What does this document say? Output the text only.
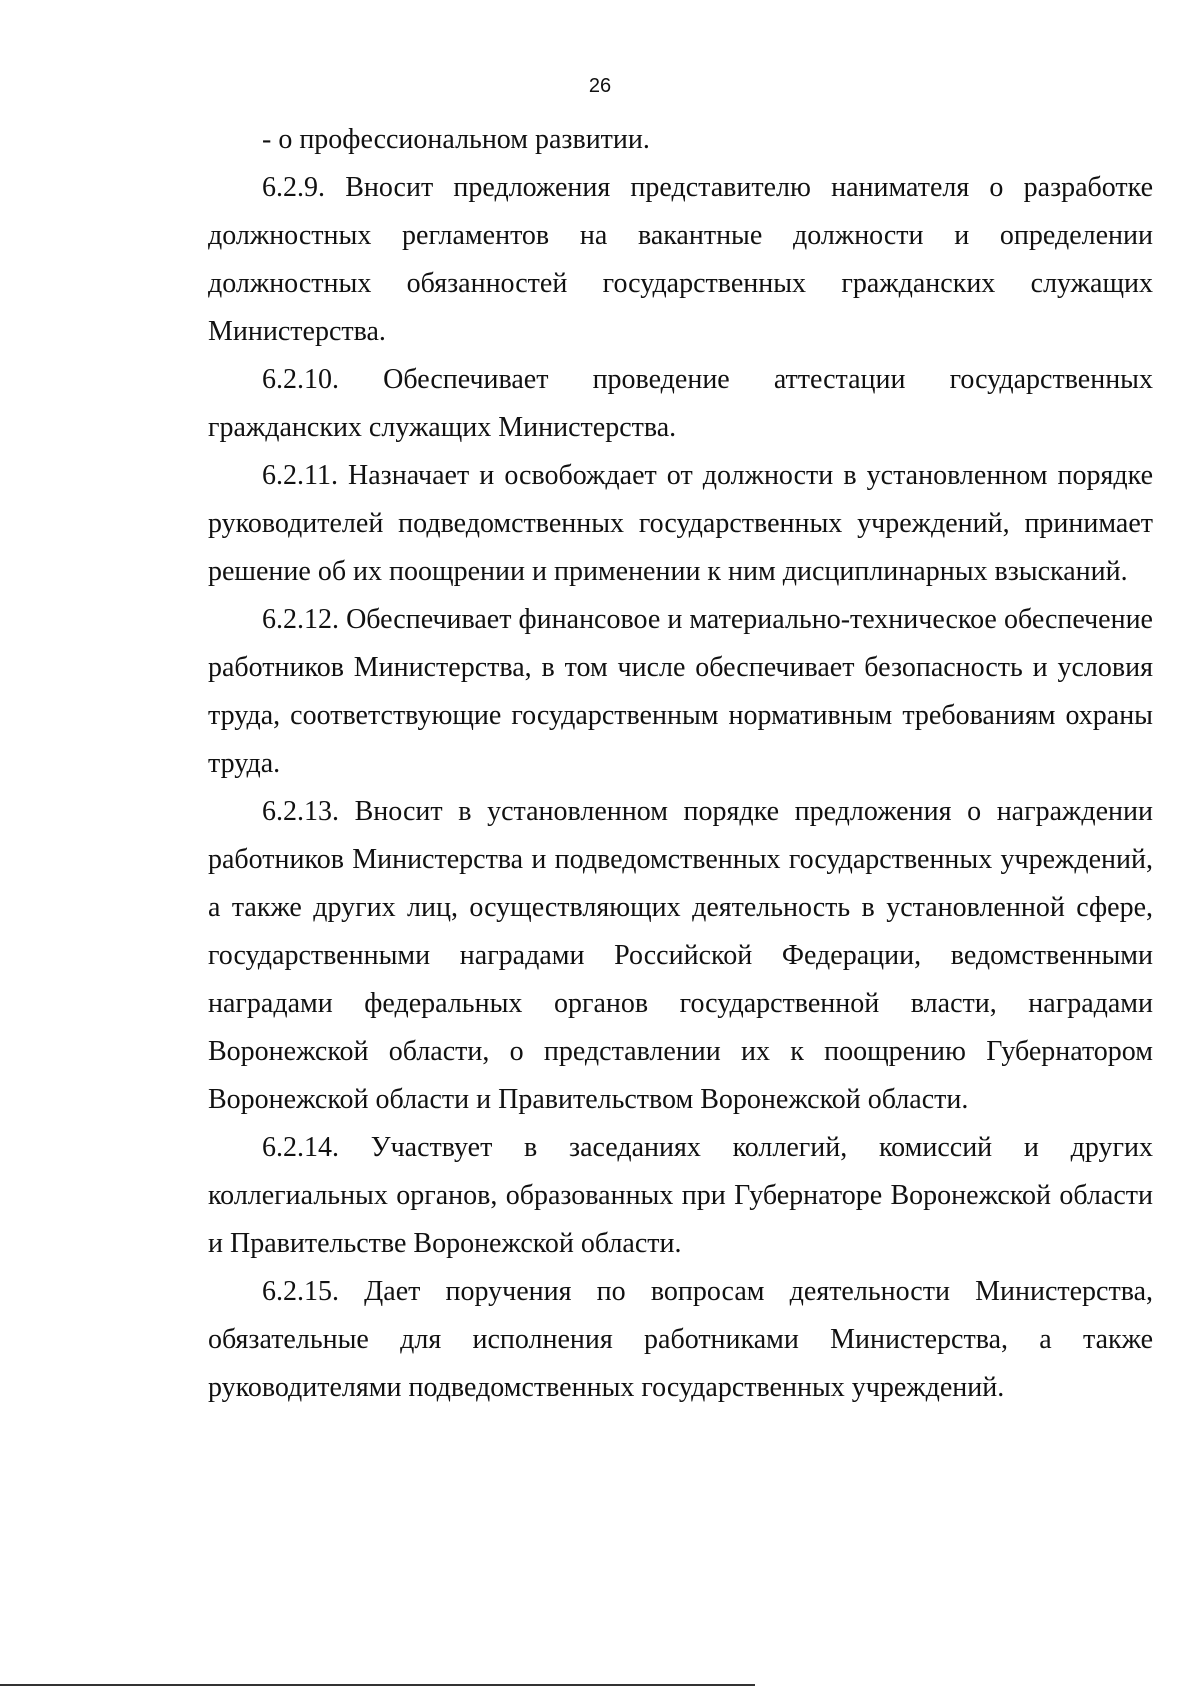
26

- о профессиональном развитии.

6.2.9. Вносит предложения представителю нанимателя о разработке должностных регламентов на вакантные должности и определении должностных обязанностей государственных гражданских служащих Министерства.

6.2.10. Обеспечивает проведение аттестации государственных гражданских служащих Министерства.

6.2.11. Назначает и освобождает от должности в установленном порядке руководителей подведомственных государственных учреждений, принимает решение об их поощрении и применении к ним дисциплинарных взысканий.

6.2.12. Обеспечивает финансовое и материально-техническое обеспечение работников Министерства, в том числе обеспечивает безопасность и условия труда, соответствующие государственным нормативным требованиям охраны труда.

6.2.13. Вносит в установленном порядке предложения о награждении работников Министерства и подведомственных государственных учреждений, а также других лиц, осуществляющих деятельность в установленной сфере, государственными наградами Российской Федерации, ведомственными наградами федеральных органов государственной власти, наградами Воронежской области, о представлении их к поощрению Губернатором Воронежской области и Правительством Воронежской области.

6.2.14. Участвует в заседаниях коллегий, комиссий и других коллегиальных органов, образованных при Губернаторе Воронежской области и Правительстве Воронежской области.

6.2.15. Дает поручения по вопросам деятельности Министерства, обязательные для исполнения работниками Министерства, а также руководителями подведомственных государственных учреждений.
